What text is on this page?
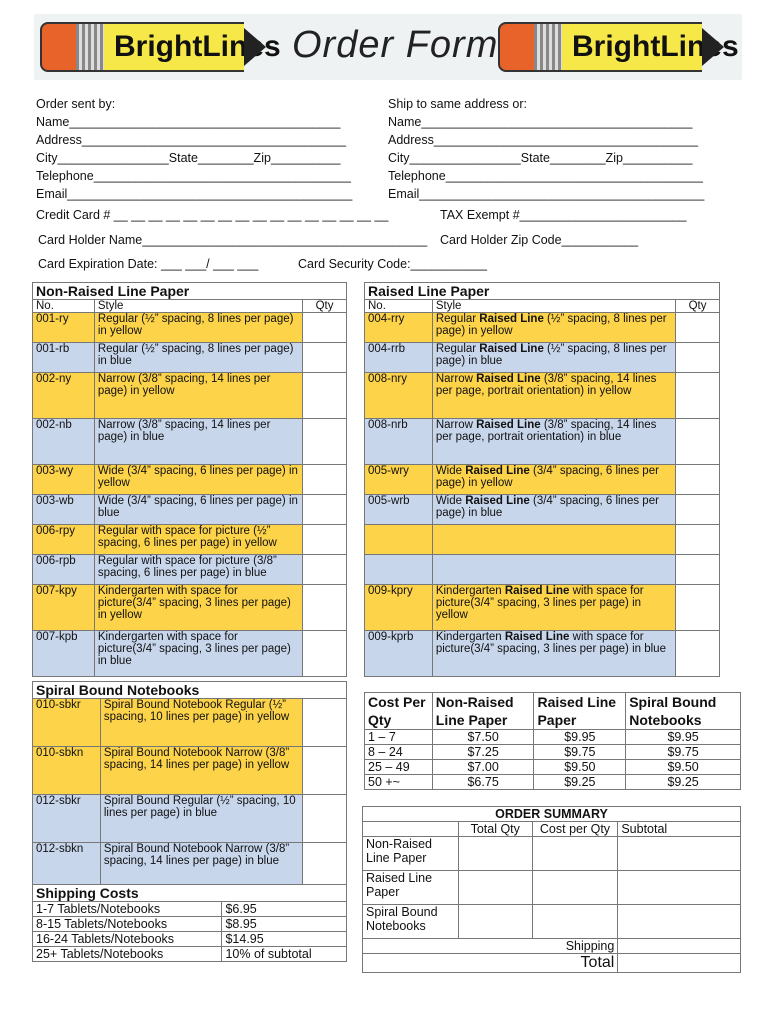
BrightLines Order Form	BrightLines
Order sent by:
Name_______________________________________
Address______________________________________
City________________State________Zip__________
Telephone_____________________________________
Email_________________________________________
Ship to same address or:
Name_______________________________________
Address______________________________________
City________________State________Zip__________
Telephone_____________________________________
Email_________________________________________
Credit Card # __ __ __ __ __ __ __ __ __ __ __ __ __ __ __ __	TAX Exempt #________________________
Card Holder Name_________________________________________ Card Holder Zip Code___________
Card Expiration Date: ___ ___/ ___ ___	Card Security Code:___________
Non-Raised Line Paper		
No.	Style	Qty
001-ry	Regular (½” spacing, 8 lines per page) in yellow	
001-rb	Regular (½” spacing, 8 lines per page) in blue	
002-ny	Narrow (3/8” spacing, 14 lines per page) in yellow	
002-nb	Narrow (3/8” spacing, 14 lines per page) in blue	
003-wy	Wide (3/4” spacing, 6 lines per page) in yellow	
003-wb	Wide (3/4” spacing, 6 lines per page) in blue	
006-rpy	Regular with space for picture (½” spacing, 6 lines per page) in yellow	
006-rpb	Regular with space for picture (3/8” spacing, 6 lines per page) in blue	
007-kpy	Kindergarten with space for picture(3/4” spacing, 3 lines per page) in yellow	
007-kpb	Kindergarten with space for picture(3/4” spacing, 3 lines per page) in blue	
Raised Line Paper		
No.	Style	Qty
004-rry	Regular Raised Line (½” spacing, 8 lines per page) in yellow	
004-rrb	Regular Raised Line (½” spacing, 8 lines per page) in blue	
008-nry	Narrow Raised Line (3/8” spacing, 14 lines per page, portrait orientation) in yellow	
008-nrb	Narrow Raised Line (3/8” spacing, 14 lines per page, portrait orientation) in blue	
005-wry	Wide Raised Line (3/4” spacing, 6 lines per page) in yellow	
005-wrb	Wide Raised Line (3/4” spacing, 6 lines per page) in blue	

009-kpry	Kindergarten Raised Line with space for picture(3/4” spacing, 3 lines per page) in yellow	
009-kprb	Kindergarten Raised Line with space for picture(3/4” spacing, 3 lines per page) in blue	
Spiral Bound Notebooks		
010-sbkr	Spiral Bound Notebook Regular (½” spacing, 10 lines per page) in yellow	
010-sbkn	Spiral Bound Notebook Narrow (3/8” spacing, 14 lines per page) in yellow	
012-sbkr	Spiral Bound Regular (½” spacing, 10 lines per page) in blue	
012-sbkn	Spiral Bound Notebook Narrow (3/8” spacing, 14 lines per page) in blue	
Shipping Costs	
1-7 Tablets/Notebooks	$6.95
8-15 Tablets/Notebooks	$8.95
16-24 Tablets/Notebooks	$14.95
25+ Tablets/Notebooks	10% of subtotal
Cost Per Qty	Non-Raised Line Paper	Raised Line Paper	Spiral Bound Notebooks
1 – 7	$7.50	$9.95	$9.95
8 – 24	$7.25	$9.75	$9.75
25 – 49	$7.00	$9.50	$9.50
50 +~	$6.75	$9.25	$9.25
ORDER SUMMARY			
	Total Qty	Cost per Qty	Subtotal
Non-Raised Line Paper			
Raised Line Paper			
Spiral Bound Notebooks			
Shipping			
Total			
